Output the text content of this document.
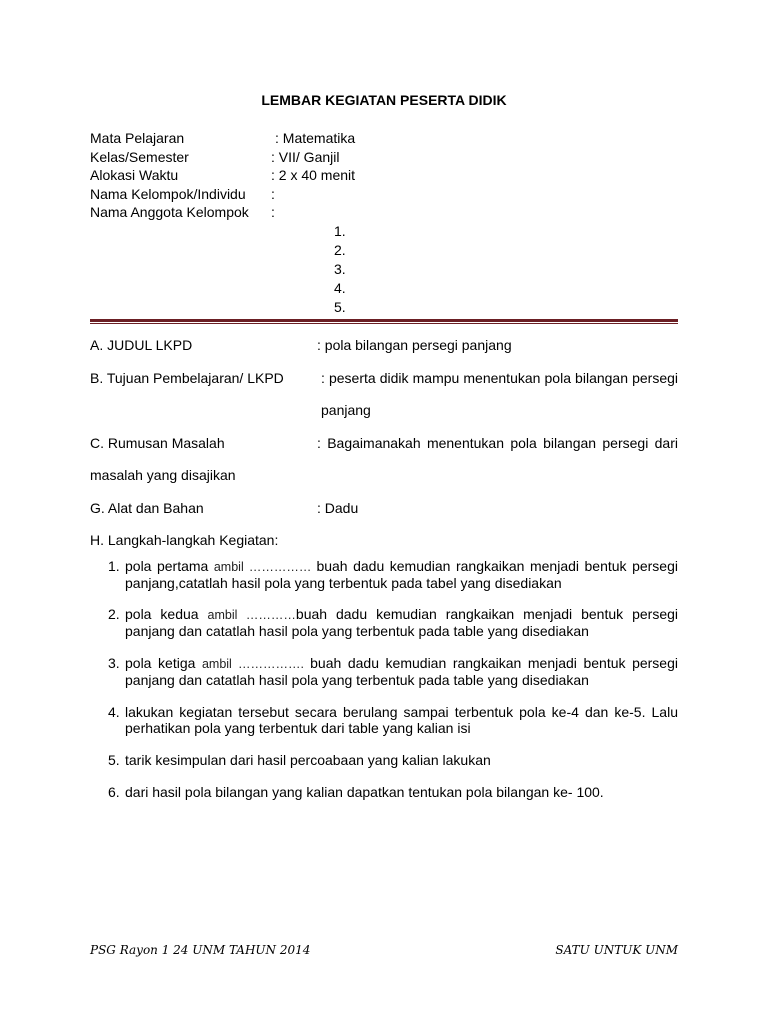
LEMBAR KEGIATAN PESERTA DIDIK
Mata Pelajaran	: Matematika
Kelas/Semester	: VII/ Ganjil
Alokasi Waktu	: 2 x 40 menit
Nama Kelompok/Individu :
Nama Anggota Kelompok :
1.
2.
3.
4.
5.
A. JUDUL LKPD	: pola bilangan persegi panjang
B. Tujuan Pembelajaran/ LKPD	: peserta didik mampu menentukan pola bilangan persegi
panjang
C. Rumusan Masalah	: Bagaimanakah menentukan pola bilangan persegi dari
masalah yang disajikan
G. Alat dan Bahan	: Dadu
H. Langkah-langkah Kegiatan:
1. pola pertama ambil …………… buah dadu kemudian rangkaikan menjadi bentuk persegi
panjang,catatlah hasil pola yang terbentuk pada tabel yang disediakan
2. pola kedua ambil …………buah dadu kemudian rangkaikan menjadi bentuk persegi
panjang dan catatlah hasil pola yang terbentuk pada table yang disediakan
3. pola ketiga ambil ……………. buah dadu kemudian rangkaikan menjadi bentuk persegi
panjang dan catatlah hasil pola yang terbentuk pada table yang disediakan
4. lakukan kegiatan tersebut secara berulang sampai terbentuk pola ke-4 dan ke-5. Lalu
perhatikan pola yang terbentuk dari table yang kalian isi
5. tarik kesimpulan dari hasil percoabaan yang kalian lakukan
6. dari hasil pola bilangan yang kalian dapatkan tentukan pola bilangan ke- 100.
PSG Rayon 1 24 UNM TAHUN 2014	SATU UNTUK UNM
